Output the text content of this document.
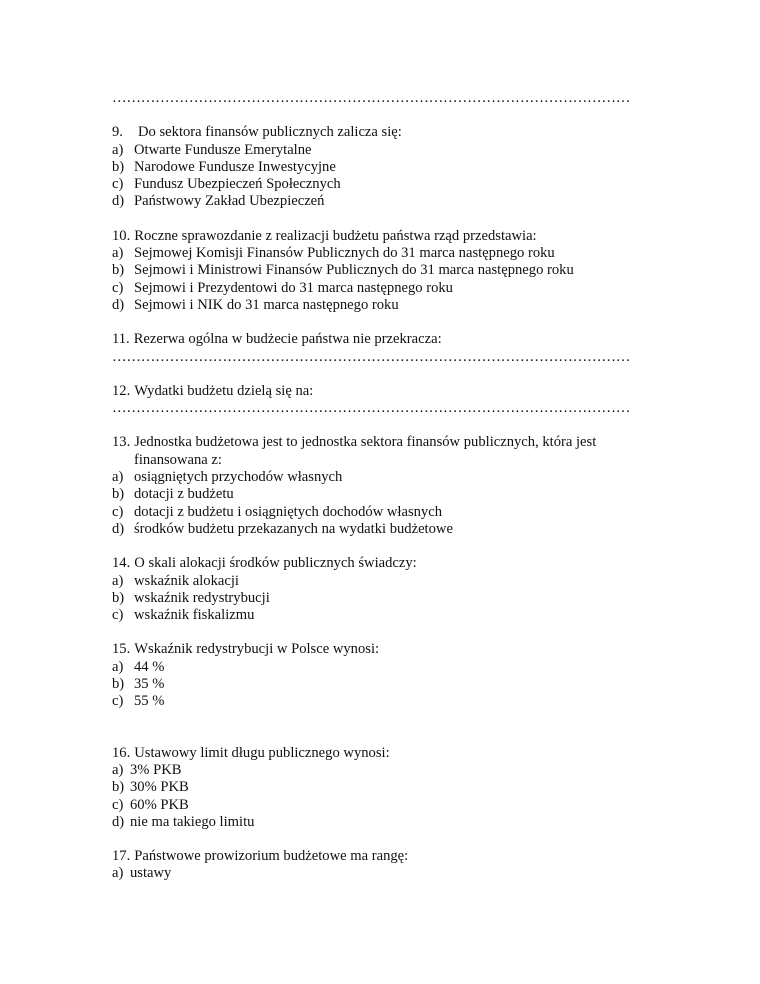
………………………………………………………………………………………………
9.	Do sektora finansów publicznych zalicza się:
a) Otwarte Fundusze Emerytalne
b) Narodowe Fundusze Inwestycyjne
c) Fundusz Ubezpieczeń Społecznych
d) Państwowy Zakład Ubezpieczeń
10. Roczne sprawozdanie z realizacji budżetu państwa rząd przedstawia:
a) Sejmowej Komisji Finansów Publicznych do 31 marca następnego roku
b) Sejmowi i Ministrowi Finansów Publicznych do 31 marca następnego roku
c) Sejmowi i Prezydentowi do 31 marca następnego roku
d) Sejmowi i NIK do 31 marca następnego roku
11. Rezerwa ogólna w budżecie państwa nie przekracza:
………………………………………………………………………………………………
12. Wydatki budżetu dzielą się na:
………………………………………………………………………………………………
13. Jednostka budżetowa jest to jednostka sektora finansów publicznych, która jest
finansowana z:
a) osiągniętych przychodów własnych
b) dotacji z budżetu
c) dotacji z budżetu i osiągniętych dochodów własnych
d) środków budżetu przekazanych na wydatki budżetowe
14. O skali alokacji środków publicznych świadczy:
a) wskaźnik alokacji
b) wskaźnik redystrybucji
c) wskaźnik fiskalizmu
15. Wskaźnik redystrybucji w Polsce wynosi:
a) 44 %
b) 35 %
c) 55 %
16. Ustawowy limit długu publicznego wynosi:
a) 3% PKB
b) 30% PKB
c) 60% PKB
d) nie ma takiego limitu
17. Państwowe prowizorium budżetowe ma rangę:
a) ustawy
